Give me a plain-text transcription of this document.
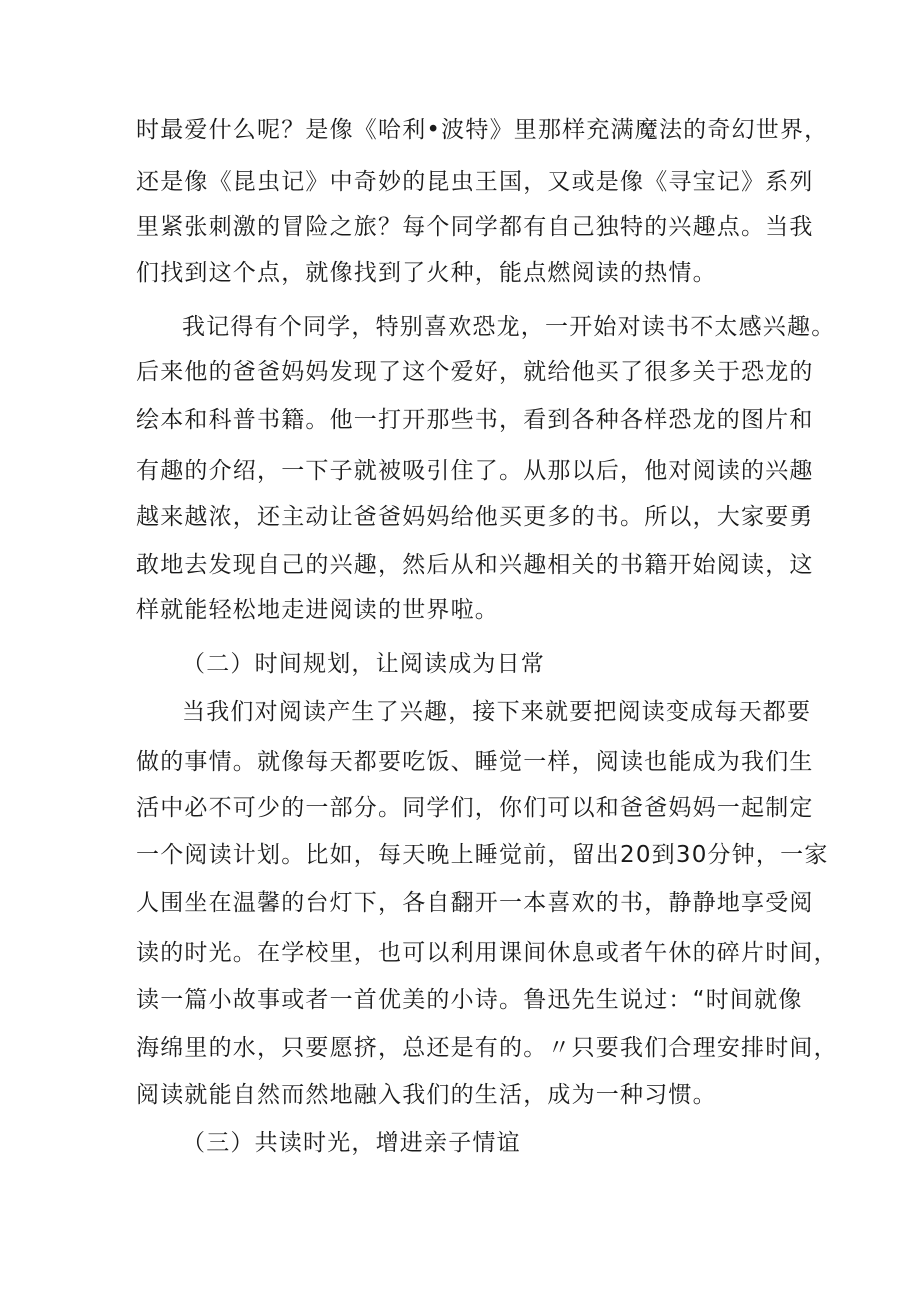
时最爱什么呢？是像《哈利•波特》里那样充满魔法的奇幻世界，
还是像《昆虫记》中奇妙的昆虫王国，又或是像《寻宝记》系列
里紧张刺激的冒险之旅？每个同学都有自己独特的兴趣点。当我
们找到这个点，就像找到了火种，能点燃阅读的热情。
我记得有个同学，特别喜欢恐龙，一开始对读书不太感兴趣。
后来他的爸爸妈妈发现了这个爱好，就给他买了很多关于恐龙的
绘本和科普书籍。他一打开那些书，看到各种各样恐龙的图片和
有趣的介绍，一下子就被吸引住了。从那以后，他对阅读的兴趣
越来越浓，还主动让爸爸妈妈给他买更多的书。所以，大家要勇
敢地去发现自己的兴趣，然后从和兴趣相关的书籍开始阅读，这
样就能轻松地走进阅读的世界啦。
（二）时间规划，让阅读成为日常
当我们对阅读产生了兴趣，接下来就要把阅读变成每天都要
做的事情。就像每天都要吃饭、睡觉一样，阅读也能成为我们生
活中必不可少的一部分。同学们，你们可以和爸爸妈妈一起制定
一个阅读计划。比如，每天晚上睡觉前，留出20到30分钟，一家
人围坐在温馨的台灯下，各自翻开一本喜欢的书，静静地享受阅
读的时光。在学校里，也可以利用课间休息或者午休的碎片时间，
读一篇小故事或者一首优美的小诗。鲁迅先生说过：“时间就像
海绵里的水，只要愿挤，总还是有的。〃只要我们合理安排时间，
阅读就能自然而然地融入我们的生活，成为一种习惯。
（三）共读时光，增进亲子情谊
